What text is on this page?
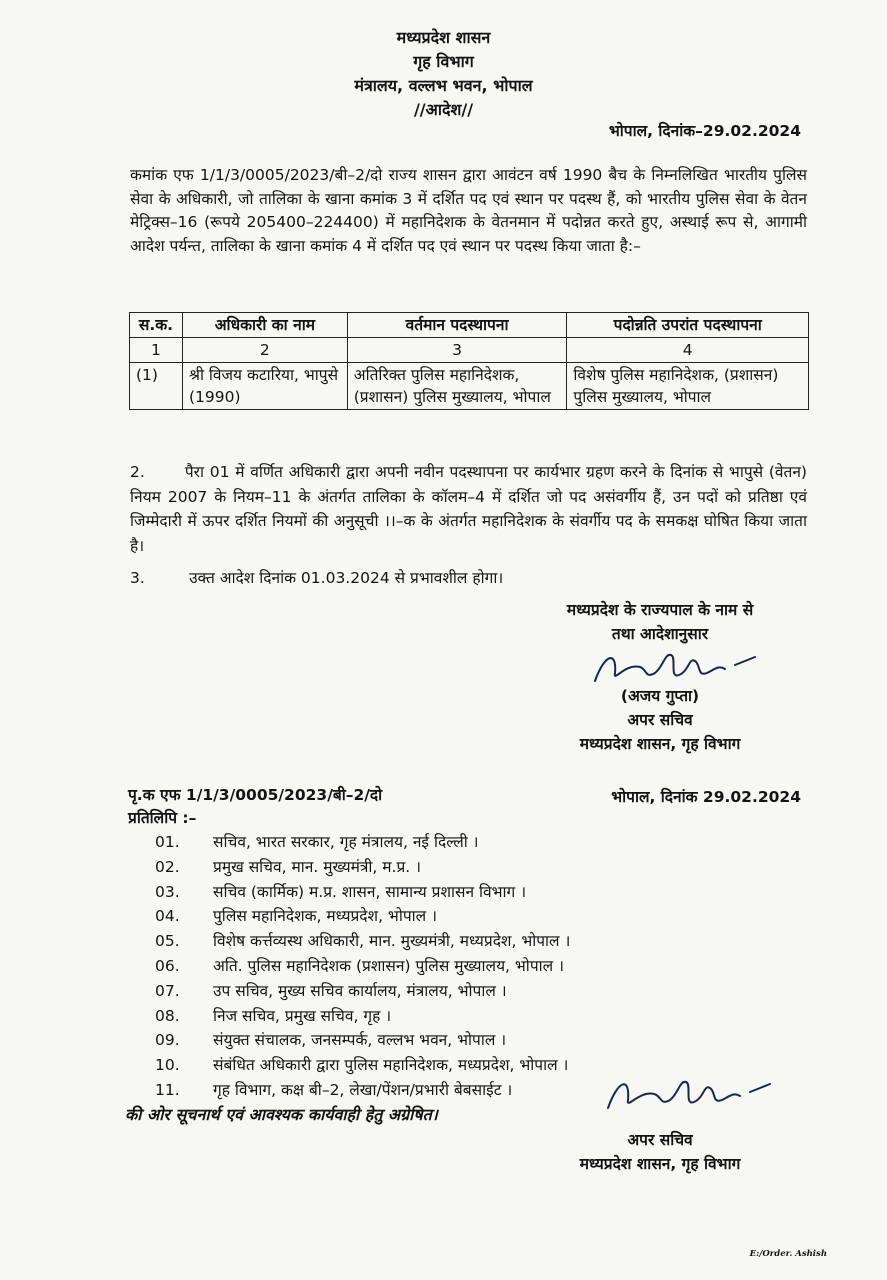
मध्यप्रदेश शासन
गृह विभाग
मंत्रालय, वल्लभ भवन, भोपाल
//आदेश//
भोपाल, दिनांक–29.02.2024
कमांक एफ 1/1/3/0005/2023/बी–2/दो राज्य शासन द्वारा आवंटन वर्ष 1990 बैच के निम्नलिखित भारतीय पुलिस सेवा के अधिकारी, जो तालिका के खाना कमांक 3 में दर्शित पद एवं स्थान पर पदस्थ हैं, को भारतीय पुलिस सेवा के वेतन मेट्रिक्स–16 (रूपये 205400–224400) में महानिदेशक के वेतनमान में पदोन्नत करते हुए, अस्थाई रूप से, आगामी आदेश पर्यन्त, तालिका के खाना कमांक 4 में दर्शित पद एवं स्थान पर पदस्थ किया जाता है:–
स.क.	अधिकारी का नाम	वर्तमान पदस्थापना	पदोन्नति उपरांत पदस्थापना
1	2	3	4
(1)	श्री विजय कटारिया, भापुसे (1990)	अतिरिक्त पुलिस महानिदेशक, (प्रशासन) पुलिस मुख्यालय, भोपाल	विशेष पुलिस महानिदेशक, (प्रशासन) पुलिस मुख्यालय, भोपाल
2.	पैरा 01 में वर्णित अधिकारी द्वारा अपनी नवीन पदस्थापना पर कार्यभार ग्रहण करने के दिनांक से भापुसे (वेतन) नियम 2007 के नियम–11 के अंतर्गत तालिका के कॉलम–4 में दर्शित जो पद असंवर्गीय हैं, उन पदों को प्रतिष्ठा एवं जिम्मेदारी में ऊपर दर्शित नियमों की अनुसूची ।।–क के अंतर्गत महानिदेशक के संवर्गीय पद के समकक्ष घोषित किया जाता है।
3.	उक्त आदेश दिनांक 01.03.2024 से प्रभावशील होगा।
मध्यप्रदेश के राज्यपाल के नाम से
तथा आदेशानुसार
(अजय गुप्ता)
अपर सचिव
मध्यप्रदेश शासन, गृह विभाग
पृ.क एफ 1/1/3/0005/2023/बी–2/दो	भोपाल, दिनांक 29.02.2024
प्रतिलिपि :–
01.	सचिव, भारत सरकार, गृह मंत्रालय, नई दिल्ली ।
02.	प्रमुख सचिव, मान. मुख्यमंत्री, म.प्र. ।
03.	सचिव (कार्मिक) म.प्र. शासन, सामान्य प्रशासन विभाग ।
04.	पुलिस महानिदेशक, मध्यप्रदेश, भोपाल ।
05.	विशेष कर्त्तव्यस्थ अधिकारी, मान. मुख्यमंत्री, मध्यप्रदेश, भोपाल ।
06.	अति. पुलिस महानिदेशक (प्रशासन) पुलिस मुख्यालय, भोपाल ।
07.	उप सचिव, मुख्य सचिव कार्यालय, मंत्रालय, भोपाल ।
08.	निज सचिव, प्रमुख सचिव, गृह ।
09.	संयुक्त संचालक, जनसम्पर्क, वल्लभ भवन, भोपाल ।
10.	संबंधित अधिकारी द्वारा पुलिस महानिदेशक, मध्यप्रदेश, भोपाल ।
11.	गृह विभाग, कक्ष बी–2, लेखा/पेंशन/प्रभारी बेबसाईट ।
की ओर सूचनार्थ एवं आवश्यक कार्यवाही हेतु अग्रेषित।
अपर सचिव
मध्यप्रदेश शासन, गृह विभाग
E:/Order. Ashish
